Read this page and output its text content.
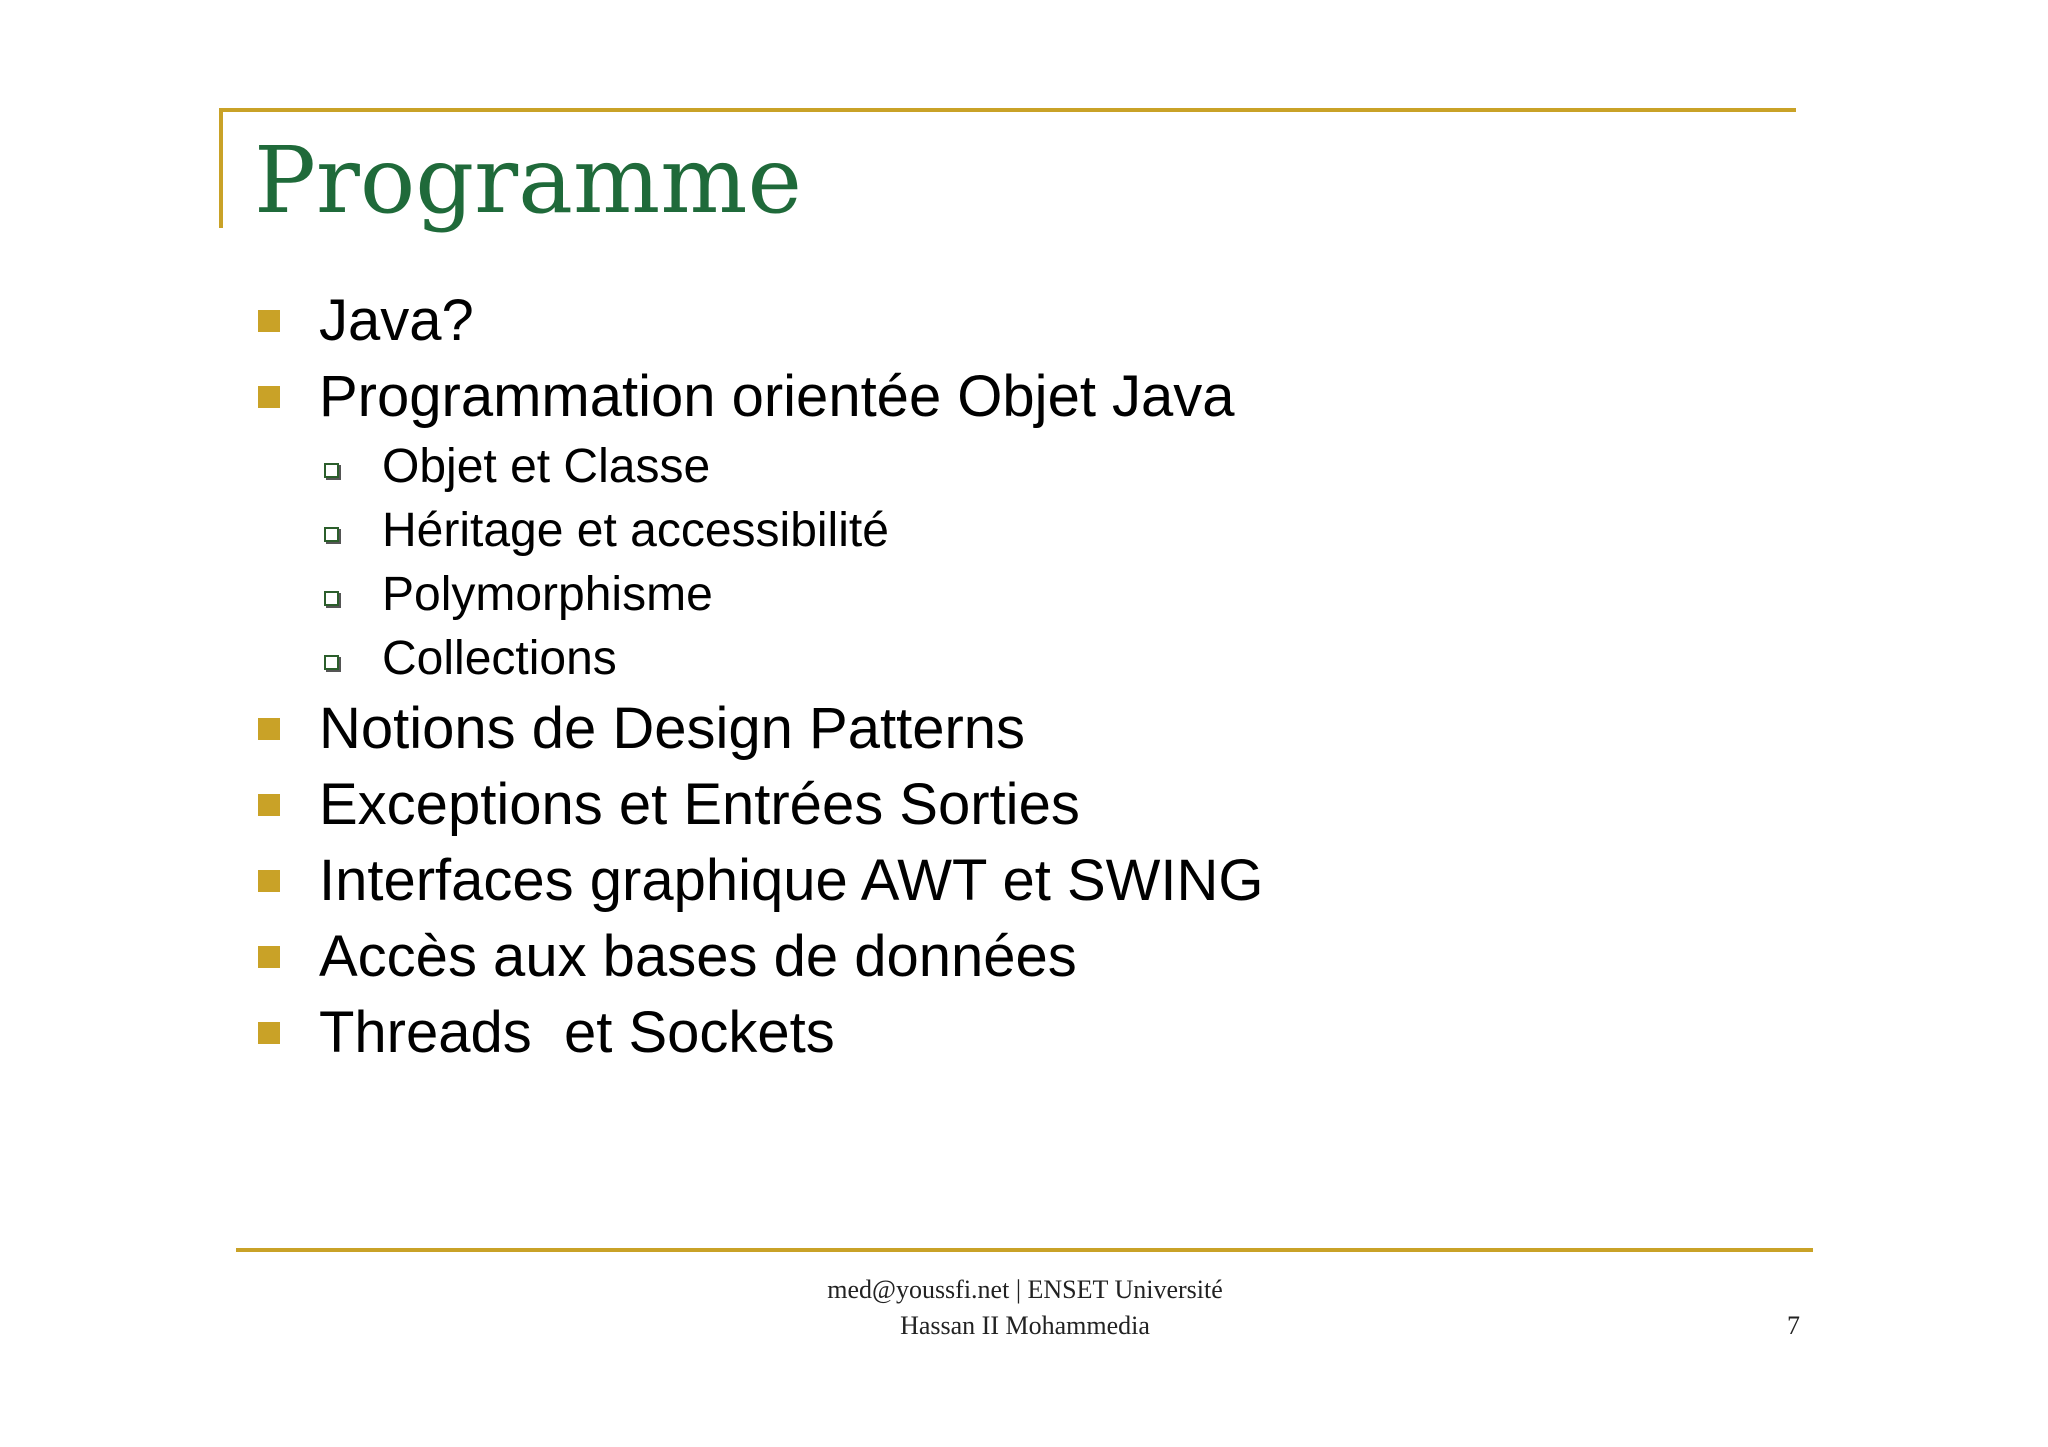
Programme
Java?
Programmation orientée Objet Java
Objet et Classe
Héritage et accessibilité
Polymorphisme
Collections
Notions de Design Patterns
Exceptions et Entrées Sorties
Interfaces graphique AWT et SWING
Accès aux bases de données
Threads  et Sockets
med@youssfi.net | ENSET Université
Hassan II Mohammedia	7
